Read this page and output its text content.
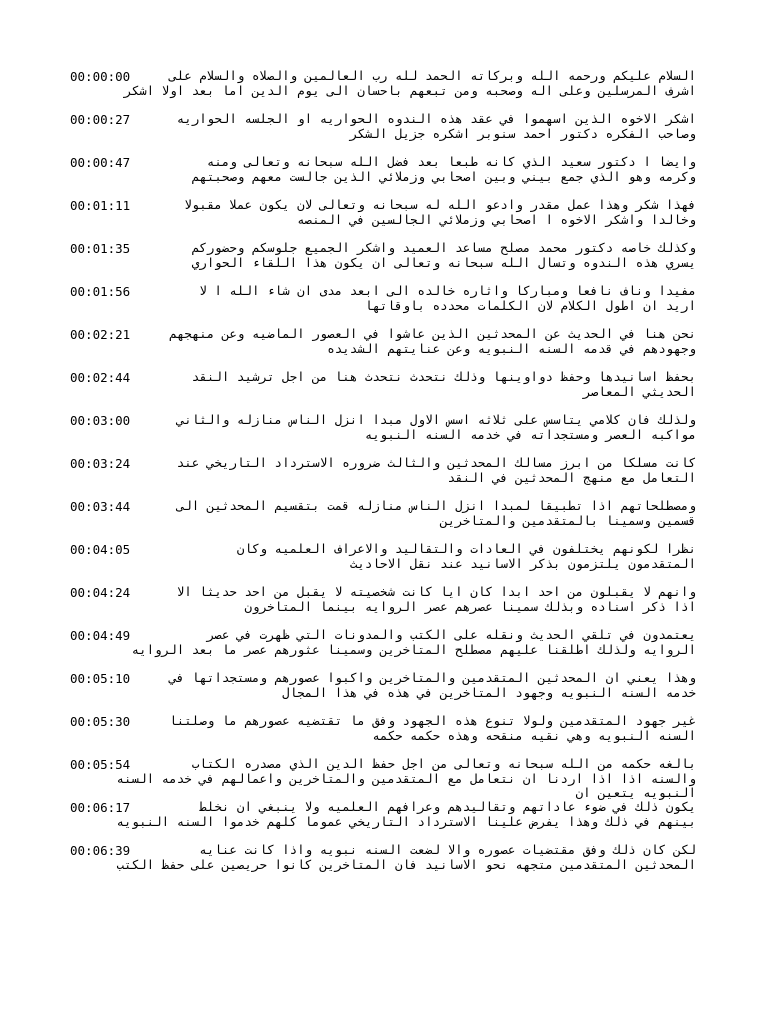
00:00:00	السلام عليكم ورحمه الله وبركاته الحمد لله رب العالمين والصلاه والسلام على اشرف المرسلين وعلى اله وصحبه ومن تبعهم باحسان الى يوم الدين اما بعد اولا اشكر
00:00:27	اشكر الاخوه الذين اسهموا في عقد هذه الندوه الحواريه او الجلسه الحواريه وصاحب الفكره دكتور احمد سنوبر اشكره جزيل الشكر
00:00:47	وايضا ا دكتور سعيد الذي كانه طبعا بعد فضل الله سبحانه وتعالى ومنه وكرمه وهو الذي جمع بيني وبين اصحابي وزملائي الذين جالست معهم وصحبتهم
00:01:11	فهذا شكر وهذا عمل مقدر وادعو الله له سبحانه وتعالى لان يكون عملا مقبولا وخالدا واشكر الاخوه ا اصحابي وزملائي الجالسين في المنصه
00:01:35	وكذلك خاصه دكتور محمد مصلح مساعد العميد واشكر الجميع جلوسكم وحضوركم يسري هذه الندوه وتسال الله سبحانه وتعالى ان يكون هذا اللقاء الحواري
00:01:56	مفيدا وناف نافعا ومباركا واثاره خالده الى ابعد مدى ان شاء الله ا لا اريد ان اطول الكلام لان الكلمات محدده باوقاتها
00:02:21	نحن هنا في الحديث عن المحدثين الذين عاشوا في العصور الماضيه وعن منهجهم وجهودهم في قدمه السنه النبويه وعن عنايتهم الشديده
00:02:44	بحفظ اسانيدها وحفظ دواوينها وذلك نتحدث نتحدث هنا من اجل ترشيد النقد الحديثي المعاصر
00:03:00	ولذلك فان كلامي يتاسس على ثلاثه اسس الاول مبدا انزل الناس منازله والثاني مواكبه العصر ومستجداته في خدمه السنه النبويه
00:03:24	كانت مسلكا من ابرز مسالك المحدثين والثالث ضروره الاسترداد التاريخي عند التعامل مع منهج المحدثين في النقد
00:03:44	ومصطلحاتهم اذا تطبيقا لمبدا انزل الناس منازله قمت بتقسيم المحدثين الى قسمين وسمينا بالمتقدمين والمتاخرين
00:04:05	نظرا لكونهم يختلفون في العادات والتقاليد والاعراف العلميه وكان المتقدمون يلتزمون بذكر الاسانيد عند نقل الاحاديث
00:04:24	وانهم لا يقبلون من احد ابدا كان ايا كانت شخصيته لا يقبل من احد حديثا الا اذا ذكر اسناده وبذلك سمينا عصرهم عصر الروايه بينما المتاخرون
00:04:49	يعتمدون في تلقي الحديث ونقله على الكتب والمدونات التي ظهرت في عصر الروايه ولذلك اطلقنا عليهم مصطلح المتاخرين وسمينا عثورهم عصر ما بعد الروايه
00:05:10	وهذا يعني ان المحدثين المتقدمين والمتاخرين واكبوا عصورهم ومستجداتها في خدمه السنه النبويه وجهود المتاخرين في هذه في هذا المجال
00:05:30	غير جهود المتقدمين ولولا تنوع هذه الجهود وفق ما تقتضيه عصورهم ما وصلتنا السنه النبويه وهي نقيه منقحه وهذه حكمه حكمه
00:05:54	بالغه حكمه من الله سبحانه وتعالى من اجل حفظ الدين الذي مصدره الكتاب والسنه اذا اذا اردنا ان نتعامل مع المتقدمين والمتاخرين واعمالهم في خدمه السنه النبويه يتعين ان
00:06:17	يكون ذلك في ضوء عاداتهم وتقاليدهم وعرافهم العلميه ولا ينبغي ان نخلط بينهم في ذلك وهذا يفرض علينا الاسترداد التاريخي عموما كلهم خدموا السنه النبويه
00:06:39	لكن كان ذلك وفق مقتضيات عصوره والا لضعت السنه نبويه واذا كانت عنايه المحدثين المتقدمين متجهه نحو الاسانيد فان المتاخرين كانوا حريصين على حفظ الكتب
